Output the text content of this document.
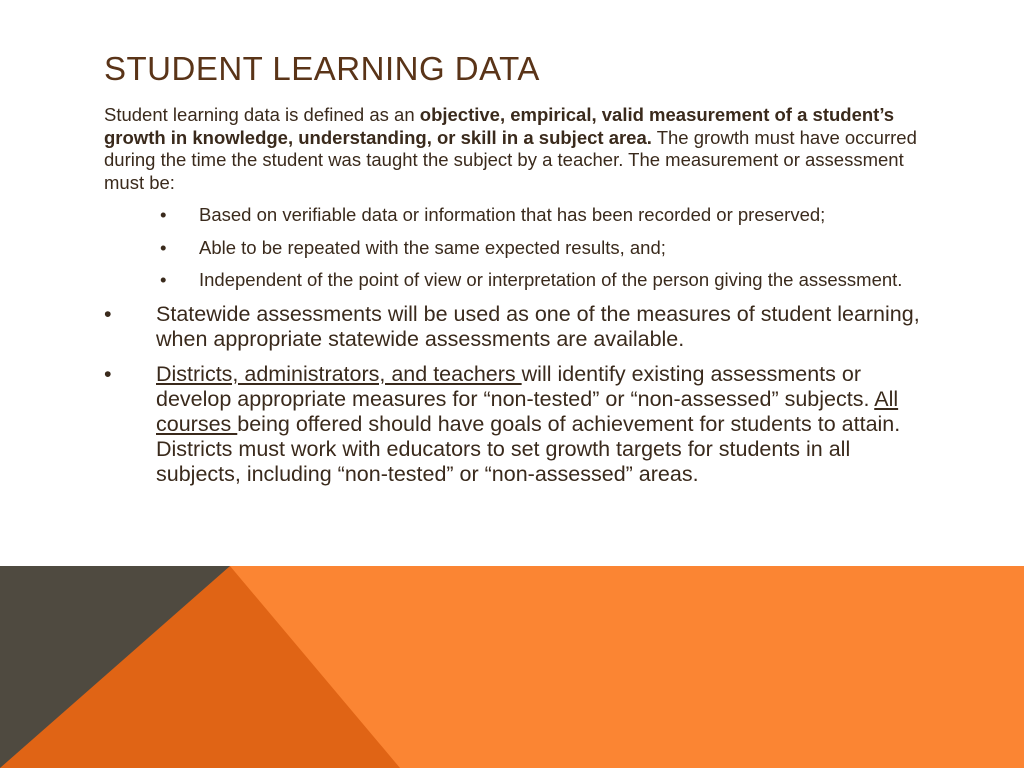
STUDENT LEARNING DATA

Student learning data is defined as an objective, empirical, valid measurement of a student’s growth in knowledge, understanding, or skill in a subject area. The growth must have occurred during the time the student was taught the subject by a teacher. The measurement or assessment must be:

• Based on verifiable data or information that has been recorded or preserved;
• Able to be repeated with the same expected results, and;
• Independent of the point of view or interpretation of the person giving the assessment.
• Statewide assessments will be used as one of the measures of student learning, when appropriate statewide assessments are available.
• Districts, administrators, and teachers will identify existing assessments or develop appropriate measures for “non-tested” or “non-assessed” subjects. All courses being offered should have goals of achievement for students to attain. Districts must work with educators to set growth targets for students in all subjects, including “non-tested” or “non-assessed” areas.
